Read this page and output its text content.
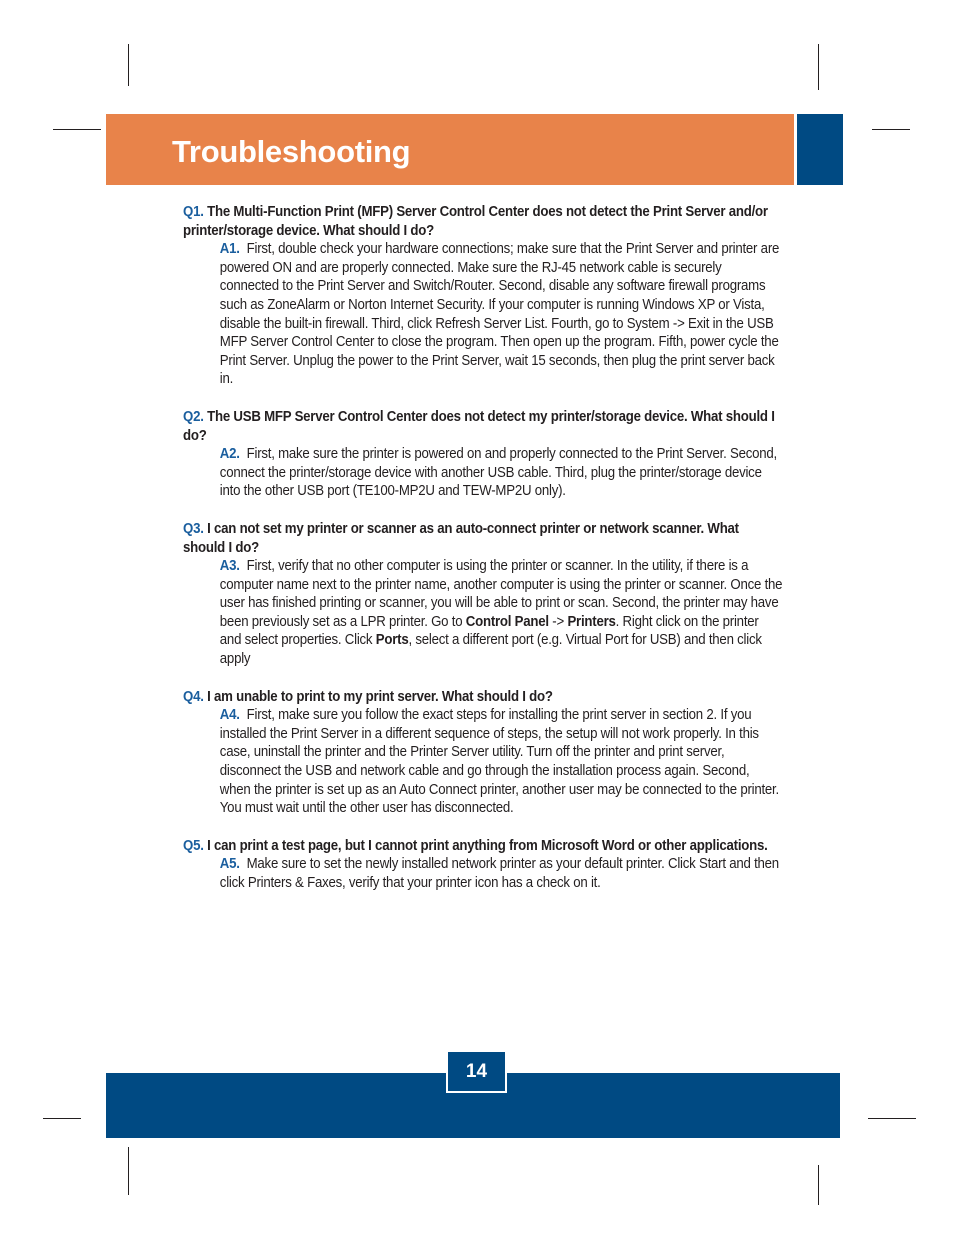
Troubleshooting

Q1. The Multi-Function Print (MFP) Server Control Center does not detect the Print Server and/or printer/storage device. What should I do?

A1. First, double check your hardware connections; make sure that the Print Server and printer are powered ON and are properly connected. Make sure the RJ-45 network cable is securely connected to the Print Server and Switch/Router. Second, disable any software firewall programs such as ZoneAlarm or Norton Internet Security. If your computer is running Windows XP or Vista, disable the built-in firewall. Third, click Refresh Server List. Fourth, go to System -> Exit in the USB MFP Server Control Center to close the program. Then open up the program. Fifth, power cycle the Print Server. Unplug the power to the Print Server, wait 15 seconds, then plug the print server back in.

Q2. The USB MFP Server Control Center does not detect my printer/storage device. What should I do?

A2. First, make sure the printer is powered on and properly connected to the Print Server. Second, connect the printer/storage device with another USB cable. Third, plug the printer/storage device into the other USB port (TE100-MP2U and TEW-MP2U only).

Q3. I can not set my printer or scanner as an auto-connect printer or network scanner. What should I do?

A3. First, verify that no other computer is using the printer or scanner. In the utility, if there is a computer name next to the printer name, another computer is using the printer or scanner. Once the user has finished printing or scanner, you will be able to print or scan. Second, the printer may have been previously set as a LPR printer. Go to Control Panel -> Printers. Right click on the printer and select properties. Click Ports, select a different port (e.g. Virtual Port for USB) and then click apply

Q4. I am unable to print to my print server. What should I do?

A4. First, make sure you follow the exact steps for installing the print server in section 2. If you installed the Print Server in a different sequence of steps, the setup will not work properly. In this case, uninstall the printer and the Printer Server utility. Turn off the printer and print server, disconnect the USB and network cable and go through the installation process again. Second, when the printer is set up as an Auto Connect printer, another user may be connected to the printer. You must wait until the other user has disconnected.

Q5. I can print a test page, but I cannot print anything from Microsoft Word or other applications.

A5. Make sure to set the newly installed network printer as your default printer. Click Start and then click Printers & Faxes, verify that your printer icon has a check on it.

14
